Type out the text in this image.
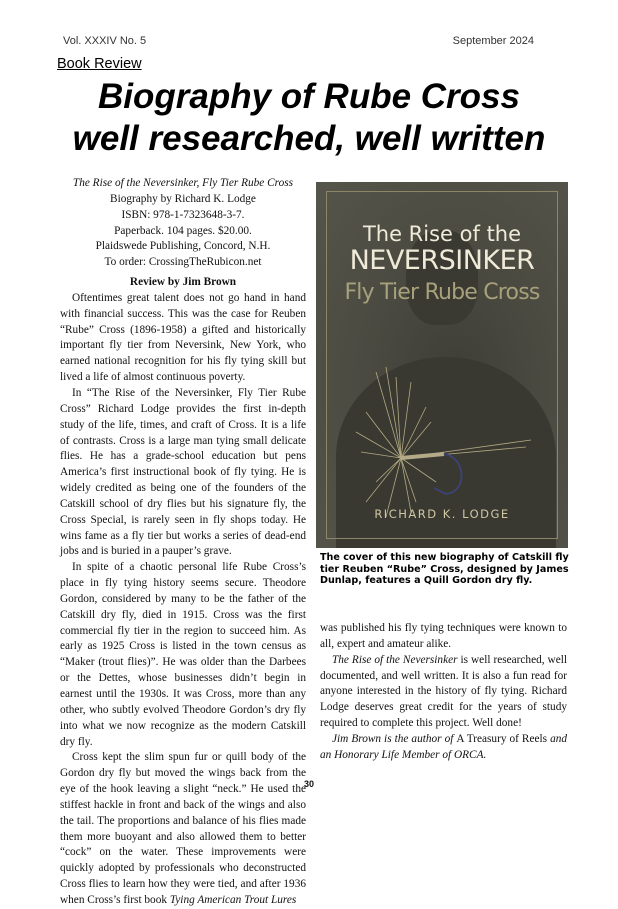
Vol. XXXIV No. 5	September 2024
Book Review
Biography of Rube Cross
well researched, well written
The Rise of the Neversinker, Fly Tier Rube Cross
Biography by Richard K. Lodge
ISBN: 978-1-7323648-3-7.
Paperback. 104 pages. $20.00.
Plaidswede Publishing, Concord, N.H.
To order: CrossingTheRubicon.net
Review by Jim Brown

Oftentimes great talent does not go hand in hand with financial success. This was the case for Reuben “Rube” Cross (1896-1958) a gifted and historically important fly tier from Neversink, New York, who earned national recognition for his fly tying skill but lived a life of almost continuous poverty.

In “The Rise of the Neversinker, Fly Tier Rube Cross” Richard Lodge provides the first in-depth study of the life, times, and craft of Cross. It is a life of contrasts. Cross is a large man tying small delicate flies. He has a grade-school education but pens America’s first instructional book of fly tying. He is widely credited as being one of the founders of the Catskill school of dry flies but his signature fly, the Cross Special, is rarely seen in fly shops today. He wins fame as a fly tier but works a series of dead-end jobs and is buried in a pauper’s grave.

In spite of a chaotic personal life Rube Cross’s place in fly tying history seems secure. Theodore Gordon, considered by many to be the father of the Catskill dry fly, died in 1915. Cross was the first commercial fly tier in the region to succeed him. As early as 1925 Cross is listed in the town census as “Maker (trout flies)”. He was older than the Darbees or the Dettes, whose businesses didn’t begin in earnest until the 1930s. It was Cross, more than any other, who subtly evolved Theodore Gordon’s dry fly into what we now recognize as the modern Catskill dry fly.

Cross kept the slim spun fur or quill body of the Gordon dry fly but moved the wings back from the eye of the hook leaving a slight “neck.” He used the stiffest hackle in front and back of the wings and also the tail. The proportions and balance of his flies made them more buoyant and also allowed them to better “cock” on the water. These improvements were quickly adopted by professionals who deconstructed Cross flies to learn how they were tied, and after 1936 when Cross’s first book Tying American Trout Lures

The Rise of the
NEVERSINKER
Fly Tier Rube Cross
RICHARD K. LODGE
The cover of this new biography of Catskill fly tier Reuben “Rube” Cross, designed by James Dunlap, features a Quill Gordon dry fly.

was published his fly tying techniques were known to all, expert and amateur alike.

The Rise of the Neversinker is well researched, well documented, and well written. It is also a fun read for anyone interested in the history of fly tying. Richard Lodge deserves great credit for the years of study required to complete this project. Well done!

Jim Brown is the author of A Treasury of Reels and an Honorary Life Member of ORCA.

30
